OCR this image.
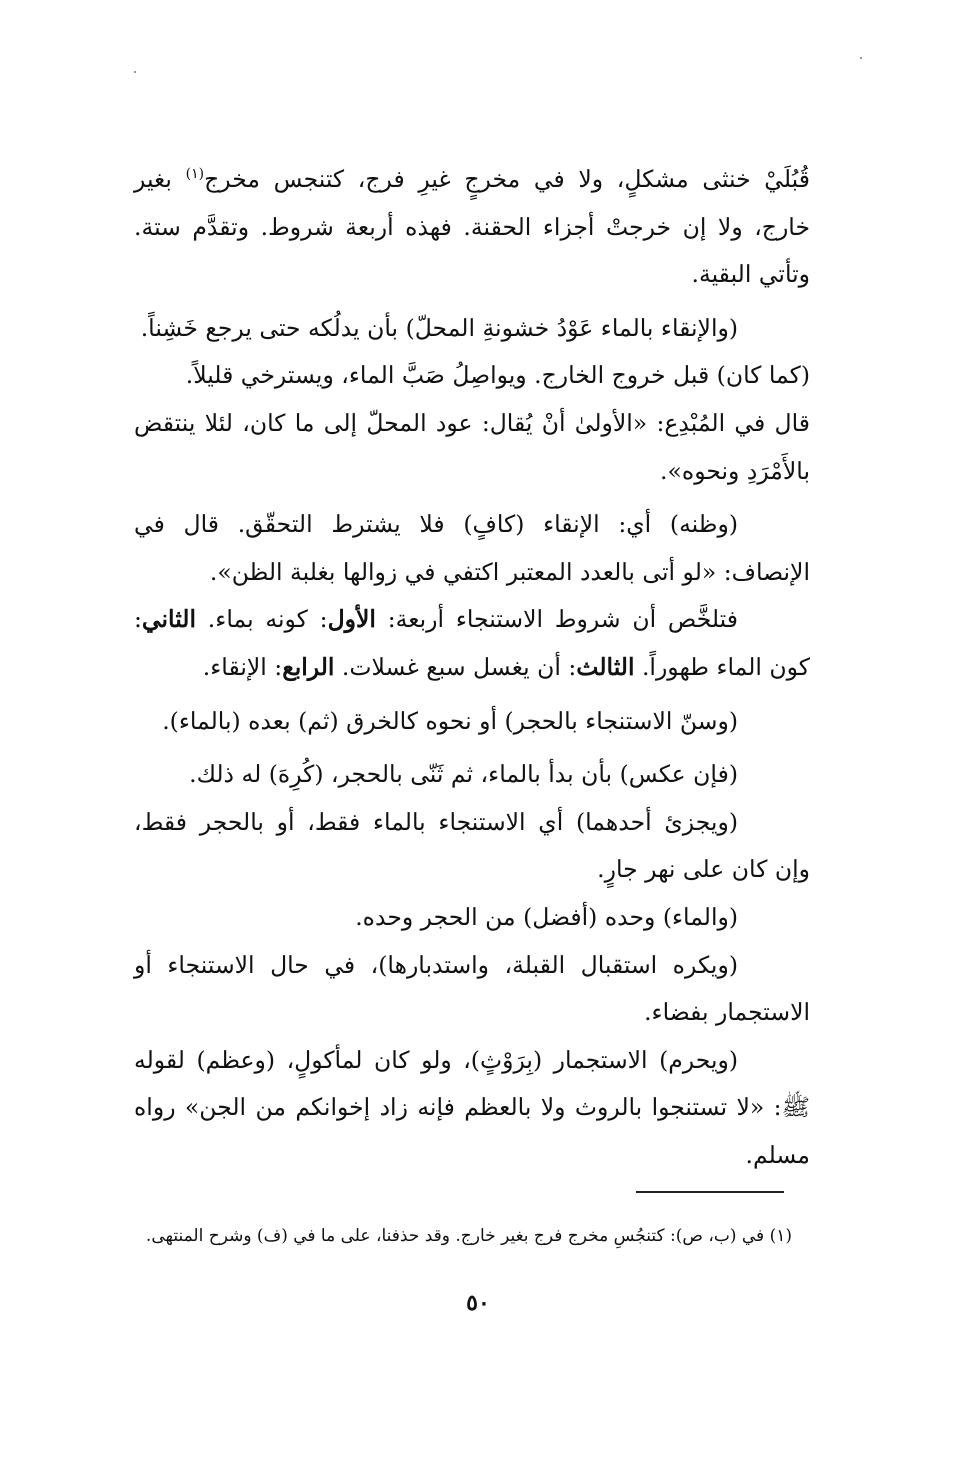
قُبُلَيْ خنثى مشكلٍ، ولا في مخرجٍ غيرِ فرج، كتنجس مخرج$^{(١)}$ بغير خارج، ولا إن خرجتْ أجزاء الحقنة. فهذه أربعة شروط. وتقدَّم ستة. وتأتي البقية.

(والإنقاء بالماء عَوْدُ خشونةِ المحلّ) بأن يدلُكه حتى يرجع خَشِناً.

(كما كان) قبل خروج الخارج. ويواصِلُ صَبَّ الماء، ويسترخي قليلاً.

قال في المُبْدِع: «الأولىٰ أنْ يُقال: عود المحلّ إلى ما كان، لئلا ينتقض بالأَمْرَدِ ونحوه».

(وظنه) أي: الإنقاء (كافٍ) فلا يشترط التحقّق. قال في الإنصاف: «لو أتى بالعدد المعتبر اكتفي في زوالها بغلبة الظن».

فتلخَّص أن شروط الاستنجاء أربعة: الأول: كونه بماء. الثاني: كون الماء طهوراً. الثالث: أن يغسل سبع غسلات. الرابع: الإنقاء.

(وسنّ الاستنجاء بالحجر) أو نحوه كالخرق (ثم) بعده (بالماء).

(فإن عكس) بأن بدأ بالماء، ثم ثَنّى بالحجر، (كُرِهَ) له ذلك.

(ويجزئ أحدهما) أي الاستنجاء بالماء فقط، أو بالحجر فقط، وإن كان على نهر جارٍ.

(والماء) وحده (أفضل) من الحجر وحده.

(ويكره استقبال القبلة، واستدبارها)، في حال الاستنجاء أو الاستجمار بفضاء.

(ويحرم) الاستجمار (بِرَوْثٍ)، ولو كان لمأكولٍ، (وعظم) لقوله ﷺ: «لا تستنجوا بالروث ولا بالعظم فإنه زاد إخوانكم من الجن» رواه مسلم.

(١) في (ب، ص): كتنجُسِ مخرج فرج بغير خارج. وقد حذفنا، على ما في (ف) وشرح المنتهى.

٥٠
